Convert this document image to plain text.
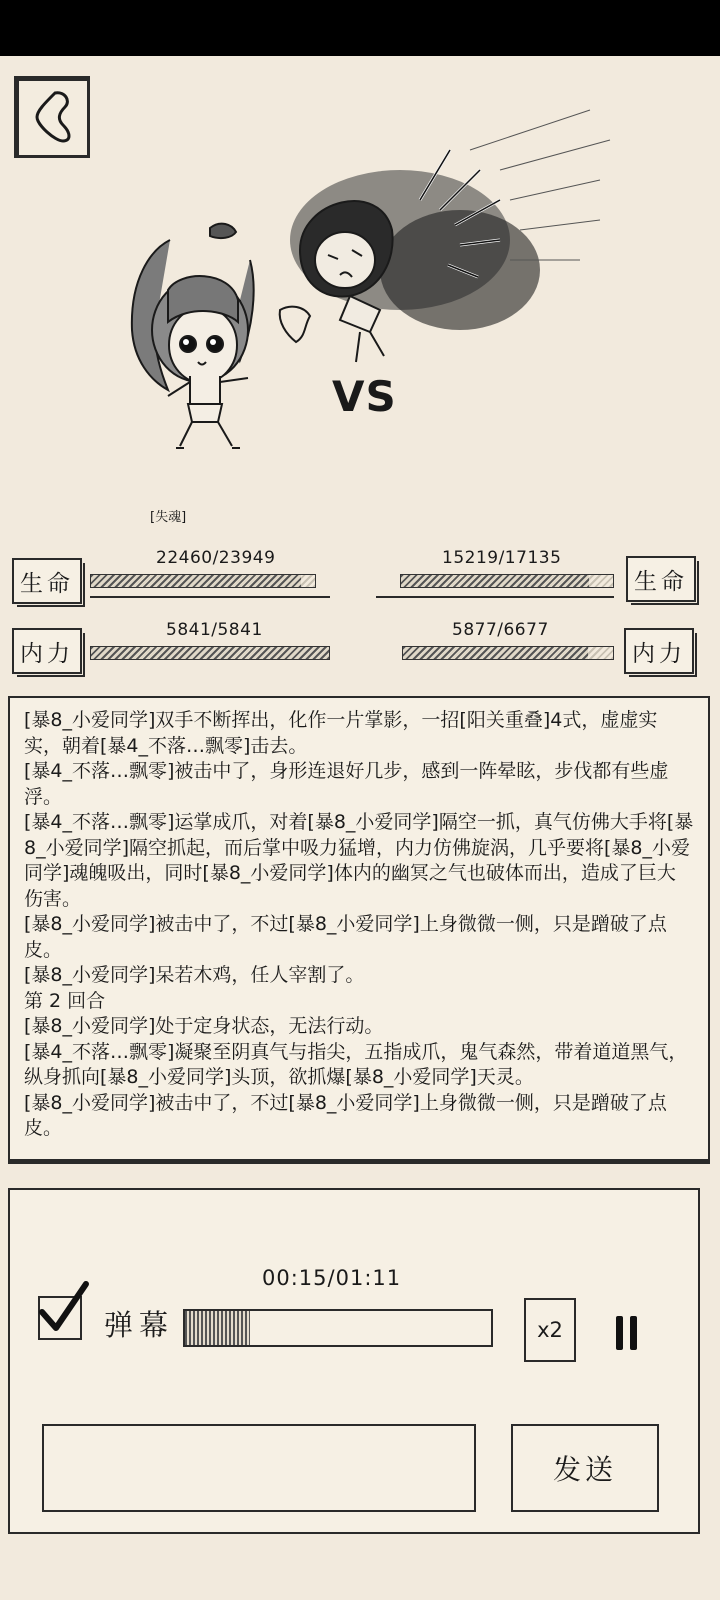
[失魂]
VS
生命
22460/23949
生命
15219/17135
内力
5841/5841
内力
5877/6677
[暴8_小爱同学]双手不断挥出，化作一片掌影，一招[阳关重叠]4式，虚虚实实，朝着[暴4_不落…飘零]击去。
[暴4_不落…飘零]被击中了，身形连退好几步，感到一阵晕眩，步伐都有些虚浮。
[暴4_不落…飘零]运掌成爪，对着[暴8_小爱同学]隔空一抓，真气仿佛大手将[暴8_小爱同学]隔空抓起，而后掌中吸力猛增，内力仿佛旋涡，几乎要将[暴8_小爱同学]魂魄吸出，同时[暴8_小爱同学]体内的幽冥之气也破体而出，造成了巨大伤害。
[暴8_小爱同学]被击中了，不过[暴8_小爱同学]上身微微一侧，只是蹭破了点皮。
[暴8_小爱同学]呆若木鸡，任人宰割了。
第 2 回合
[暴8_小爱同学]处于定身状态，无法行动。
[暴4_不落…飘零]凝聚至阴真气与指尖，五指成爪，鬼气森然，带着道道黑气，纵身抓向[暴8_小爱同学]头顶，欲抓爆[暴8_小爱同学]天灵。
[暴8_小爱同学]被击中了，不过[暴8_小爱同学]上身微微一侧，只是蹭破了点皮。
00:15/01:11
弹幕	x2
发送
